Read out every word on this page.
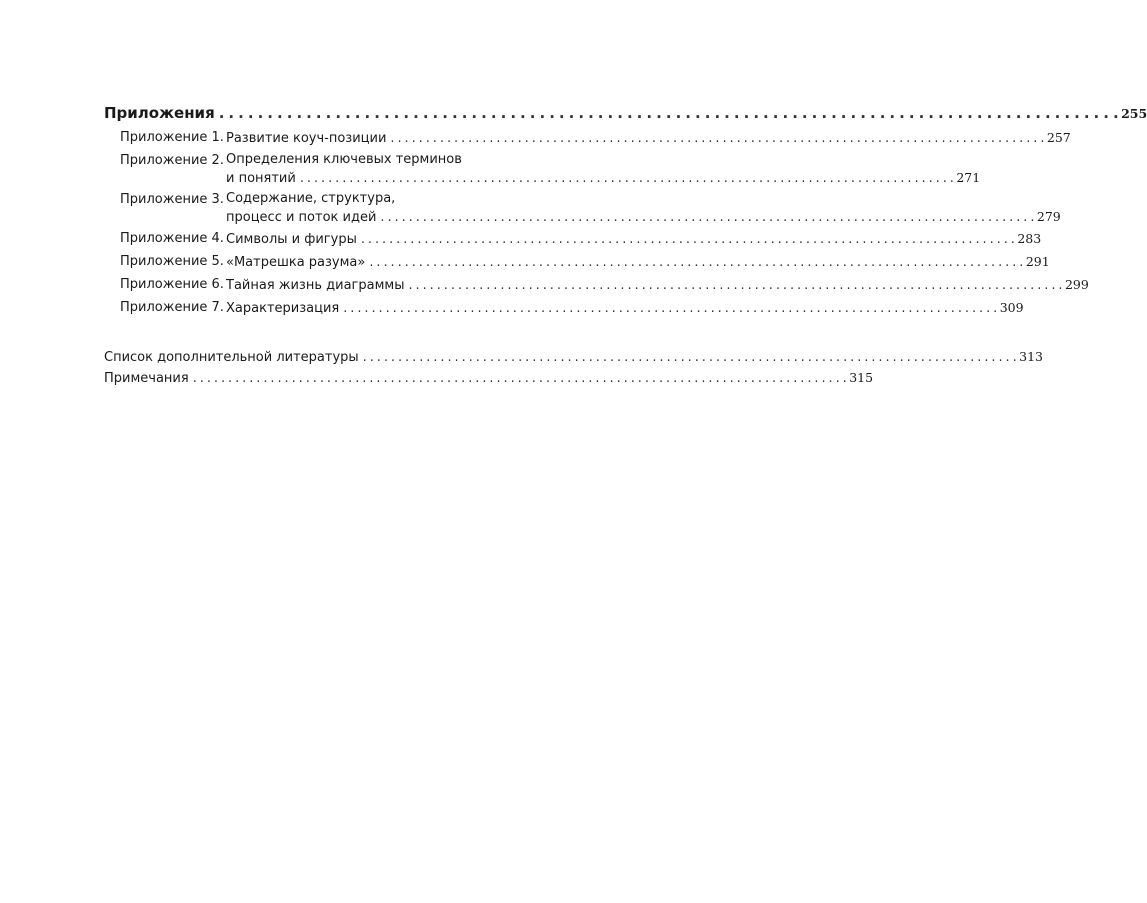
Приложения . . .	255
Приложение 1. Развитие коуч-позиции . . .	257
Приложение 2. Определения ключевых терминов
и понятий . . .	271
Приложение 3. Содержание, структура,
процесс и поток идей . . .	279
Приложение 4. Символы и фигуры . . .	283
Приложение 5. «Матрешка разума» . . .	291
Приложение 6. Тайная жизнь диаграммы . . .	299
Приложение 7. Характеризация . . .	309
Список дополнительной литературы . . .	313
Примечания . . .	315
